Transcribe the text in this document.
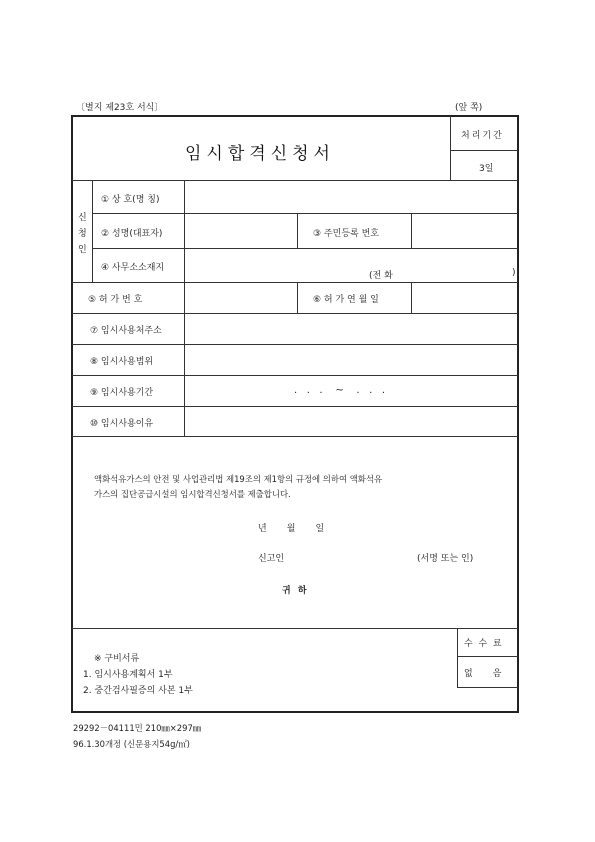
〔별지 제23호 서식〕	(앞 쪽)
임시합격신청서
처리기간
3일
신
청
인
① 상 호(명 칭)
② 성명(대표자)	③ 주민등록 번호
④ 사무소소재지
(전 화	)
⑤ 허 가 번 호	⑥ 허 가 연 월 일
⑦ 임시사용처주소
⑧ 임시사용범위
⑨ 임시사용기간	.   .   .    ~    .   .   .
⑩ 임시사용이유
액화석유가스의 안전 및 사업관리법 제19조의 제1항의 규정에 의하여 액화석유
가스의 집단공급시설의 임시합격신청서를 제출합니다.
년       월       일
신고인	(서명 또는 인)
귀 하
※ 구비서류
1. 임시사용계획서 1부
2. 중간검사필증의 사본 1부
수  수  료
없       음
29292－04111민 210㎜×297㎜
96.1.30개정 (신문용지54g/㎡)
